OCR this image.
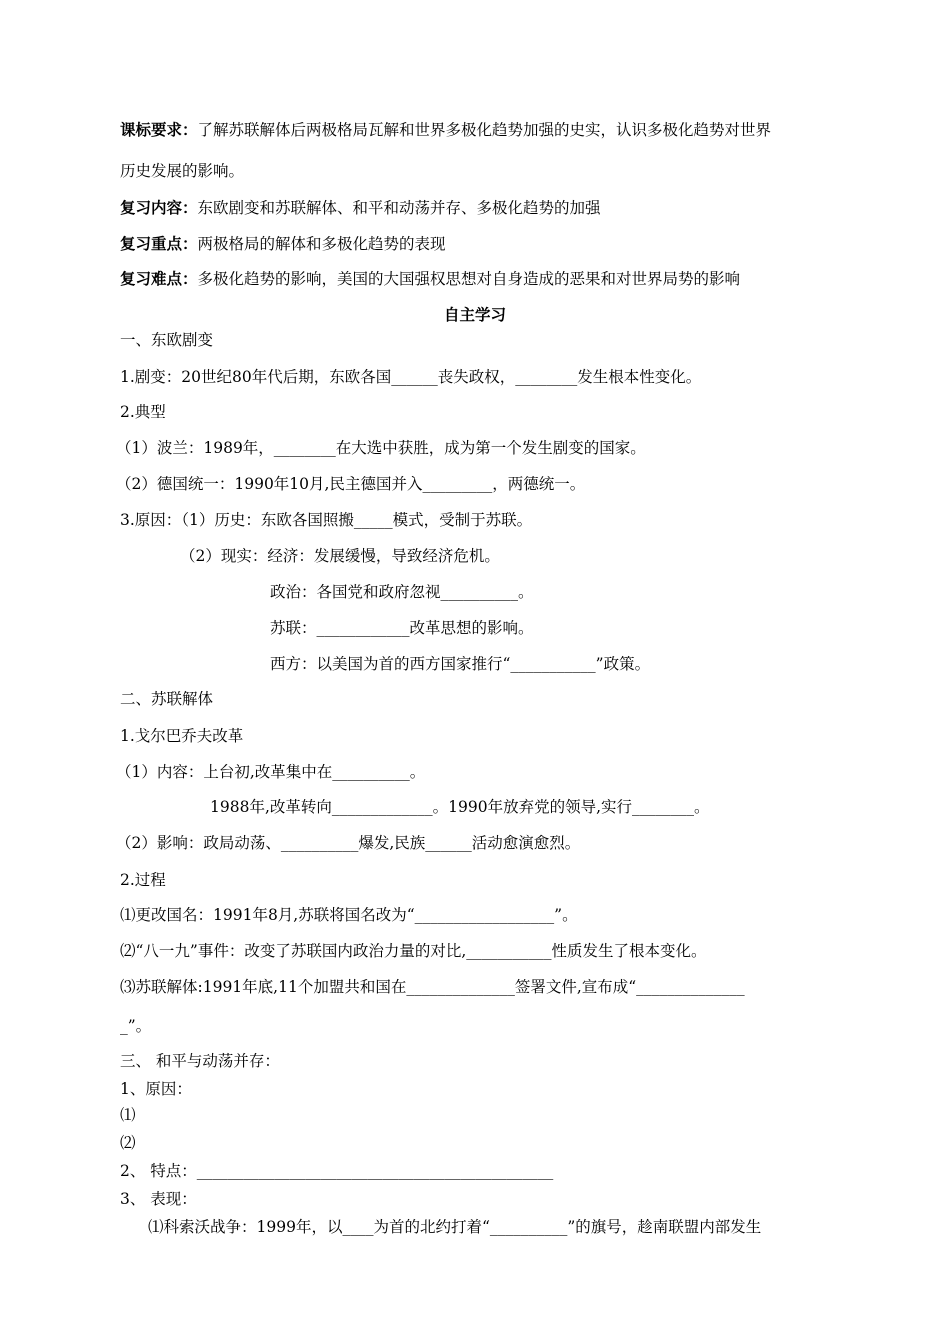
课标要求：了解苏联解体后两极格局瓦解和世界多极化趋势加强的史实，认识多极化趋势对世界
历史发展的影响。
复习内容：东欧剧变和苏联解体、和平和动荡并存、多极化趋势的加强
复习重点：两极格局的解体和多极化趋势的表现
复习难点：多极化趋势的影响，美国的大国强权思想对自身造成的恶果和对世界局势的影响
自主学习
一、东欧剧变
1.剧变：20世纪80年代后期，东欧各国______丧失政权，________发生根本性变化。
2.典型
（1）波兰：1989年，________在大选中获胜，成为第一个发生剧变的国家。
（2）德国统一：1990年10月,民主德国并入_________，两德统一。
3.原因：（1）历史：东欧各国照搬_____模式，受制于苏联。
（2）现实：经济：发展缓慢，导致经济危机。
政治：各国党和政府忽视__________。
苏联：____________改革思想的影响。
西方：以美国为首的西方国家推行“___________”政策。
二、苏联解体
1.戈尔巴乔夫改革
（1）内容：上台初,改革集中在__________。
1988年,改革转向_____________。1990年放弃党的领导,实行________。
（2）影响：政局动荡、__________爆发,民族______活动愈演愈烈。
2.过程
⑴更改国名：1991年8月,苏联将国名改为“__________________”。
⑵“八一九”事件：改变了苏联国内政治力量的对比,___________性质发生了根本变化。
⑶苏联解体:1991年底,11个加盟共和国在______________签署文件,宣布成“______________
_”。
三、 和平与动荡并存：
1、原因：
⑴
⑵
2、 特点：______________________________________________
3、 表现：
⑴科索沃战争：1999年，以____为首的北约打着“__________”的旗号，趁南联盟内部发生
